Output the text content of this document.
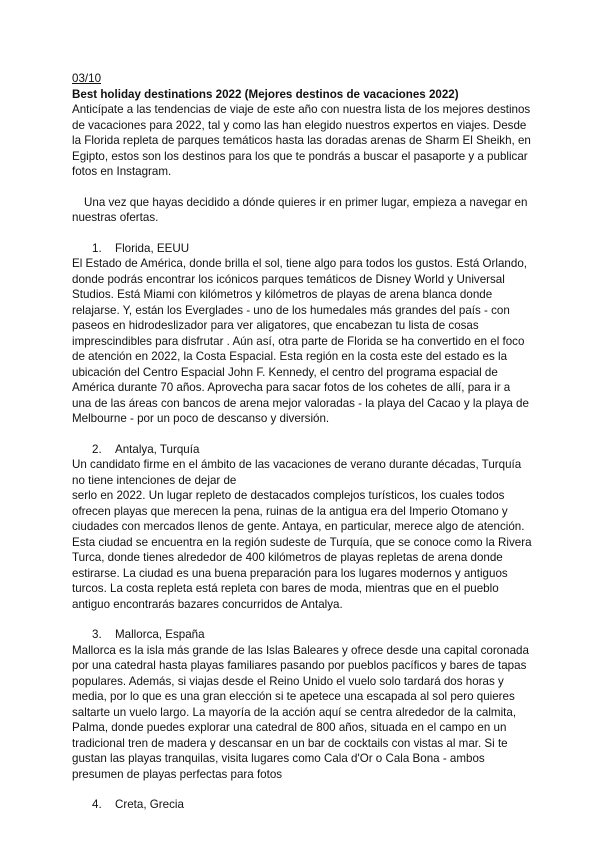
03/10

Best holiday destinations 2022 (Mejores destinos de vacaciones 2022)

Anticípate a las tendencias de viaje de este año con nuestra lista de los mejores destinos de vacaciones para 2022, tal y como las han elegido nuestros expertos en viajes. Desde la Florida repleta de parques temáticos hasta las doradas arenas de Sharm El Sheikh, en Egipto, estos son los destinos para los que te pondrás a buscar el pasaporte y a publicar fotos en Instagram.

Una vez que hayas decidido a dónde quieres ir en primer lugar, empieza a navegar en nuestras ofertas.

1.	Florida, EEUU

El Estado de América, donde brilla el sol, tiene algo para todos los gustos. Está Orlando, donde podrás encontrar los icónicos parques temáticos de Disney World y Universal Studios. Está Miami con kilómetros y kilómetros de playas de arena blanca donde relajarse. Y, están los Everglades - uno de los humedales más grandes del país - con paseos en hidrodeslizador para ver aligatores, que encabezan tu lista de cosas imprescindibles para disfrutar . Aún así, otra parte de Florida se ha convertido en el foco de atención en 2022, la Costa Espacial. Esta región en la costa este del estado es la ubicación del Centro Espacial John F. Kennedy, el centro del programa espacial de América durante 70 años. Aprovecha para sacar fotos de los cohetes de allí, para ir a una de las áreas con bancos de arena mejor valoradas - la playa del Cacao y la playa de Melbourne - por un poco de descanso y diversión.

2.	Antalya, Turquía

Un candidato firme en el ámbito de las vacaciones de verano durante décadas, Turquía no tiene intenciones de dejar de

serlo en 2022. Un lugar repleto de destacados complejos turísticos, los cuales todos ofrecen playas que merecen la pena, ruinas de la antigua era del Imperio Otomano y ciudades con mercados llenos de gente. Antaya, en particular, merece algo de atención. Esta ciudad se encuentra en la región sudeste de Turquía, que se conoce como la Rivera Turca, donde tienes alrededor de 400 kilómetros de playas repletas de arena donde estirarse. La ciudad es una buena preparación para los lugares modernos y antiguos turcos. La costa repleta está repleta con bares de moda, mientras que en el pueblo antiguo encontrarás bazares concurridos de Antalya.

3.	Mallorca, España

Mallorca es la isla más grande de las Islas Baleares y ofrece desde una capital coronada por una catedral hasta playas familiares pasando por pueblos pacíficos y bares de tapas populares. Además, si viajas desde el Reino Unido el vuelo solo tardará dos horas y media, por lo que es una gran elección si te apetece una escapada al sol pero quieres saltarte un vuelo largo. La mayoría de la acción aquí se centra alrededor de la calmita, Palma, donde puedes explorar una catedral de 800 años, situada en el campo en un tradicional tren de madera y descansar en un bar de cocktails con vistas al mar. Si te gustan las playas tranquilas, visita lugares como Cala d'Or o Cala Bona - ambos presumen de playas perfectas para fotos

4.	Creta, Grecia
